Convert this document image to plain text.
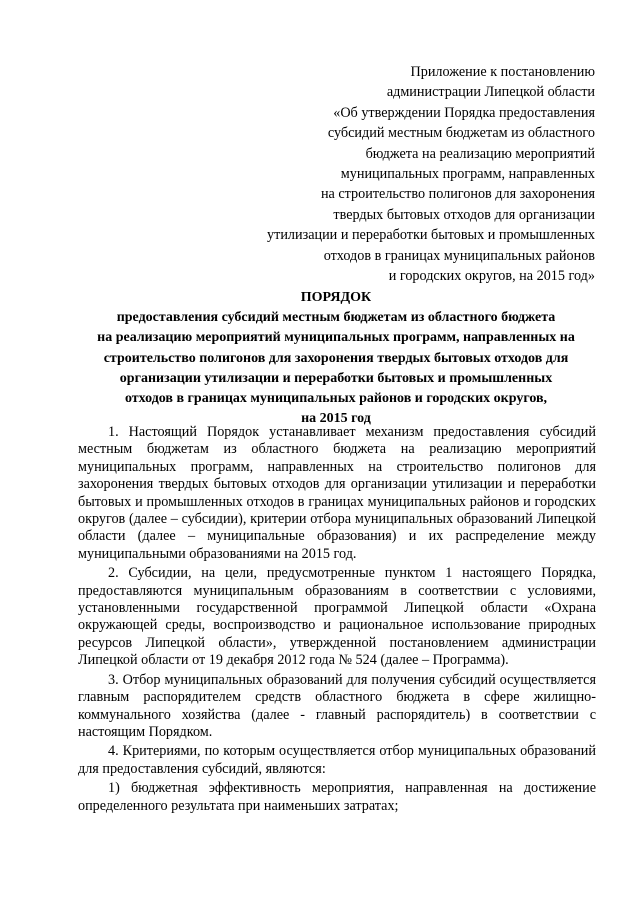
Приложение к постановлению
администрации Липецкой области
«Об утверждении Порядка предоставления
субсидий местным бюджетам из областного
бюджета на реализацию мероприятий
муниципальных программ, направленных
на строительство полигонов для захоронения
твердых бытовых отходов для организации
утилизации и переработки бытовых и промышленных
отходов в границах муниципальных районов
и городских округов, на 2015 год»
ПОРЯДОК
предоставления субсидий местным бюджетам из областного бюджета
на реализацию мероприятий муниципальных программ, направленных на
строительство полигонов для захоронения твердых бытовых отходов для
организации утилизации и переработки бытовых и промышленных
отходов в границах муниципальных районов и городских округов,
на 2015 год

1. Настоящий Порядок устанавливает механизм предоставления субсидий местным бюджетам из областного бюджета на реализацию мероприятий муниципальных программ, направленных на строительство полигонов для захоронения твердых бытовых отходов для организации утилизации и переработки бытовых и промышленных отходов в границах муниципальных районов и городских округов (далее – субсидии), критерии отбора муниципальных образований Липецкой области (далее – муниципальные образования) и их распределение между муниципальными образованиями на 2015 год.

2. Субсидии, на цели, предусмотренные пунктом 1 настоящего Порядка, предоставляются муниципальным образованиям в соответствии с условиями, установленными государственной программой Липецкой области «Охрана окружающей среды, воспроизводство и рациональное использование природных ресурсов Липецкой области», утвержденной постановлением администрации Липецкой области от 19 декабря 2012 года № 524 (далее – Программа).

3. Отбор муниципальных образований для получения субсидий осуществляется главным распорядителем средств областного бюджета в сфере жилищно-коммунального хозяйства (далее - главный распорядитель) в соответствии с настоящим Порядком.

4. Критериями, по которым осуществляется отбор муниципальных образований для предоставления субсидий, являются:

1) бюджетная эффективность мероприятия, направленная на достижение определенного результата при наименьших затратах;
